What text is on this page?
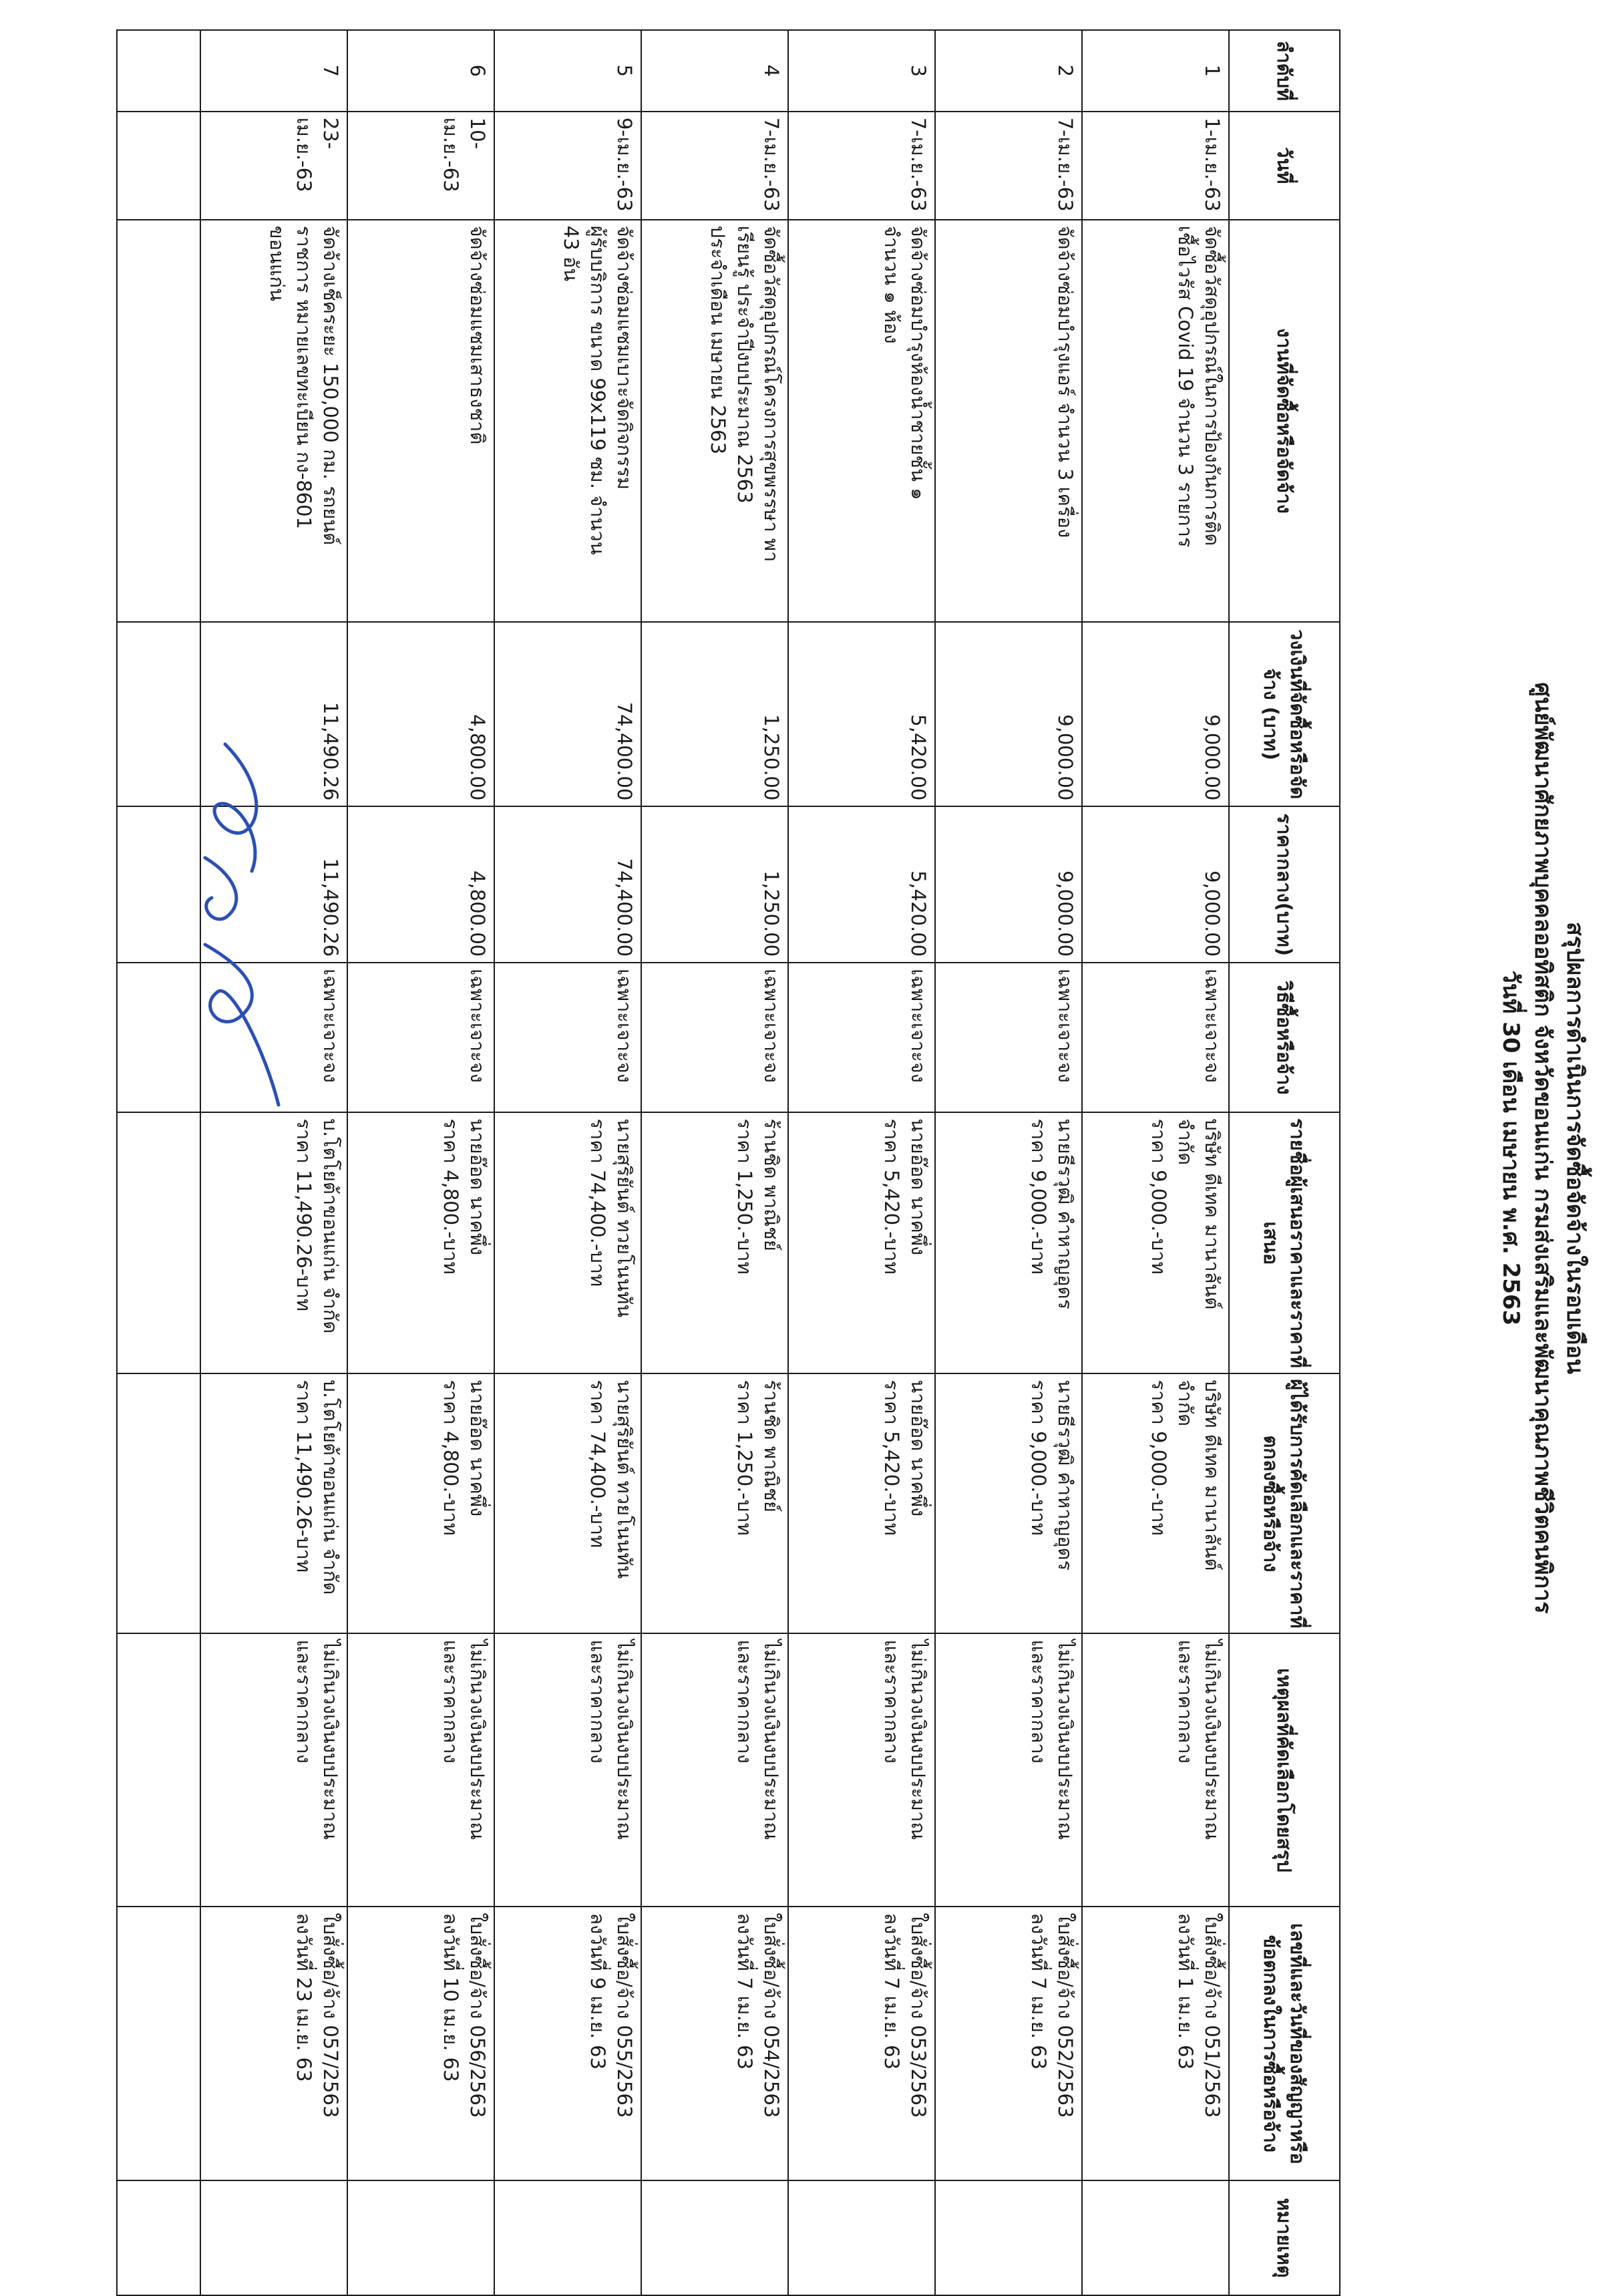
สรุปผลการดำเนินการจัดซื้อจัดจ้างในรอบเดือน
ศูนย์พัฒนาศักยภาพบุคคลออทิสติก จังหวัดขอนแก่น กรมส่งเสริมและพัฒนาคุณภาพชีวิตคนพิการ
วันที่ 30 เดือน เมษายน พ.ศ. 2563
ลำดับที่	วันที่	งานที่จัดซื้อหรือจัดจ้าง	วงเงินที่จัดซื้อหรือจัดจ้าง (บาท)	ราคากลาง(บาท)	วิธีซื้อหรือจ้าง	รายชื่อผู้เสนอราคาและราคาที่เสนอ	ผู้ได้รับการคัดเลือกและราคาที่ตกลงซื้อหรือจ้าง	เหตุผลที่คัดเลือกโดยสรุป	เลขที่และวันที่ของสัญญาหรือข้อตกลงในการซื้อหรือจ้าง	หมายเหตุ

1	1-เม.ย.-63	จัดซื้อวัสดุอุปกรณ์ในการป้องกันการติด
เชื้อไวรัส Covid 19 จำนวน 3 รายการ	9,000.00	9,000.00	เฉพาะเจาะจง	บริษัท ดีเทค มานาลันต์
จำกัด
ราคา 9,000.-บาท	บริษัท ดีเทค มานาลันต์
จำกัด
ราคา 9,000.-บาท	ไม่เกินวงเงินงบประมาณ
และราคากลาง	ใบสั่งซื้อ/จ้าง 051/2563
ลงวันที่ 1 เม.ย. 63	

2	7-เม.ย.-63	จัดจ้างซ่อมบำรุงแอร์ จำนวน 3 เครื่อง	9,000.00	9,000.00	เฉพาะเจาะจง	นายธีรวุฒิ คำหาญอุดร
ราคา 9,000.-บาท	นายธีรวุฒิ คำหาญอุดร
ราคา 9,000.-บาท	ไม่เกินวงเงินงบประมาณ
และราคากลาง	ใบสั่งซื้อ/จ้าง 052/2563
ลงวันที่ 7 เม.ย. 63	

3	7-เม.ย.-63	จัดจ้างซ่อมบำรุงห้องน้ำชายชั้น ๑
จำนวน ๑ ห้อง	5,420.00	5,420.00	เฉพาะเจาะจง	นายอ๊อด นาคพึ่ง
ราคา 5,420.-บาท	นายอ๊อด นาคพึ่ง
ราคา 5,420.-บาท	ไม่เกินวงเงินงบประมาณ
และราคากลาง	ใบสั่งซื้อ/จ้าง 053/2563
ลงวันที่ 7 เม.ย. 63	

4	7-เม.ย.-63	จัดซื้อวัสดุอุปกรณ์โครงการสุขพรรษา พา
เรียนรู้ ประจำปีงบประมาณ 2563
ประจำเดือน เมษายน 2563	1,250.00	1,250.00	เฉพาะเจาะจง	ร้านชิด พาณิชย์
ราคา 1,250.-บาท	ร้านชิด พาณิชย์
ราคา 1,250.-บาท	ไม่เกินวงเงินงบประมาณ
และราคากลาง	ใบสั่งซื้อ/จ้าง 054/2563
ลงวันที่ 7 เม.ย. 63	

5	9-เม.ย.-63	จัดจ้างซ่อมแซมเบาะจัดกิจกรรม
ผู้รับบริการ ขนาด 99x119 ซม. จำนวน
43 อัน	74,400.00	74,400.00	เฉพาะเจาะจง	นายสุริยันต์ ทวยโนนทัน
ราคา 74,400.-บาท	นายสุริยันต์ ทวยโนนทัน
ราคา 74,400.-บาท	ไม่เกินวงเงินงบประมาณ
และราคากลาง	ใบสั่งซื้อ/จ้าง 055/2563
ลงวันที่ 9 เม.ย. 63	

6	10-เม.ย.-63	จัดจ้างซ่อมแซมเสาธงชาติ	4,800.00	4,800.00	เฉพาะเจาะจง	นายอ๊อด นาคพึ่ง
ราคา 4,800.-บาท	นายอ๊อด นาคพึ่ง
ราคา 4,800.-บาท	ไม่เกินวงเงินงบประมาณ
และราคากลาง	ใบสั่งซื้อ/จ้าง 056/2563
ลงวันที่ 10 เม.ย. 63	

7	23-เม.ย.-63	จัดจ้างเช็คระยะ 150,000 กม. รถยนต์
ราชการ หมายเลขทะเบียน กง-8601
ขอนแก่น	11,490.26	11,490.26	เฉพาะเจาะจง	บ.โตโยต้าขอนแก่น จำกัด
ราคา 11,490.26-บาท	บ.โตโยต้าขอนแก่น จำกัด
ราคา 11,490.26-บาท	ไม่เกินวงเงินงบประมาณ
และราคากลาง	ใบสั่งซื้อ/จ้าง 057/2563
ลงวันที่ 23 เม.ย. 63	
